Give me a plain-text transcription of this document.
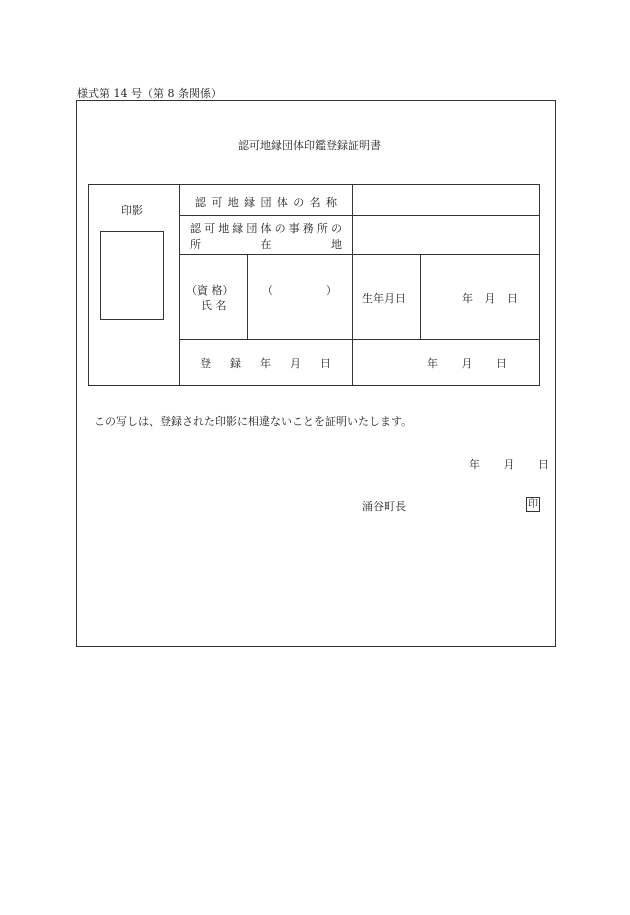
様式第 14 号（第 8 条関係）
認可地縁団体印鑑登録証明書
印影
認 可 地 縁 団 体 の 名 称
認 可 地 縁 団 体 の 事 務 所 の
所	在	地
（資 格）
氏 名
（	）
生年月日	年 月 日
登 録 年 月 日	年 月 日
この写しは、登録された印影に相違ないことを証明いたします。
年 月 日
涌谷町長	印
